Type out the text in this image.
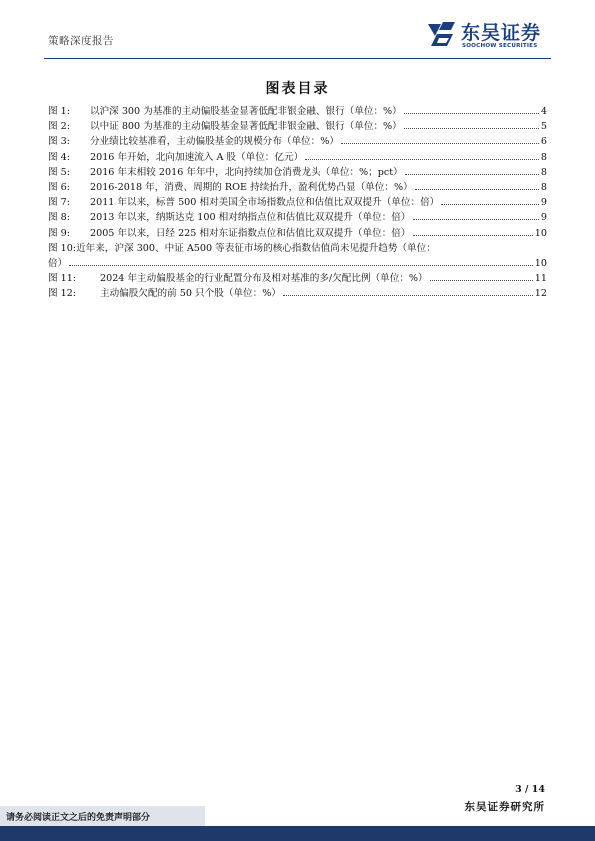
策略深度报告	东吴证券
SOOCHOW SECURITIES
图表目录
图 1:	以沪深 300 为基准的主动偏股基金显著低配非银金融、银行（单位：%）	4
图 2:	以中证 800 为基准的主动偏股基金显著低配非银金融、银行（单位：%）	5
图 3:	分业绩比较基准看，主动偏股基金的规模分布（单位：%）	6
图 4:	2016 年开始，北向加速流入 A 股（单位：亿元）	8
图 5:	2016 年末相较 2016 年年中，北向持续加仓消费龙头（单位：%；pct）	8
图 6:	2016-2018 年，消费、周期的 ROE 持续抬升，盈利优势凸显（单位：%）	8
图 7:	2011 年以来，标普 500 相对美国全市场指数点位和估值比双双提升（单位：倍）	9
图 8:	2013 年以来，纳斯达克 100 相对纳指点位和估值比双双提升（单位：倍）	9
图 9:	2005 年以来，日经 225 相对东证指数点位和估值比双双提升（单位：倍）	10
图 10: 近年来，沪深 300、中证 A500 等表征市场的核心指数估值尚未见提升趋势（单位：
倍）	10
图 11:	2024 年主动偏股基金的行业配置分布及相对基准的多/欠配比例（单位：%）	11
图 12:	主动偏股欠配的前 50 只个股（单位：%）	12
3 / 14
东吴证券研究所
请务必阅读正文之后的免责声明部分
